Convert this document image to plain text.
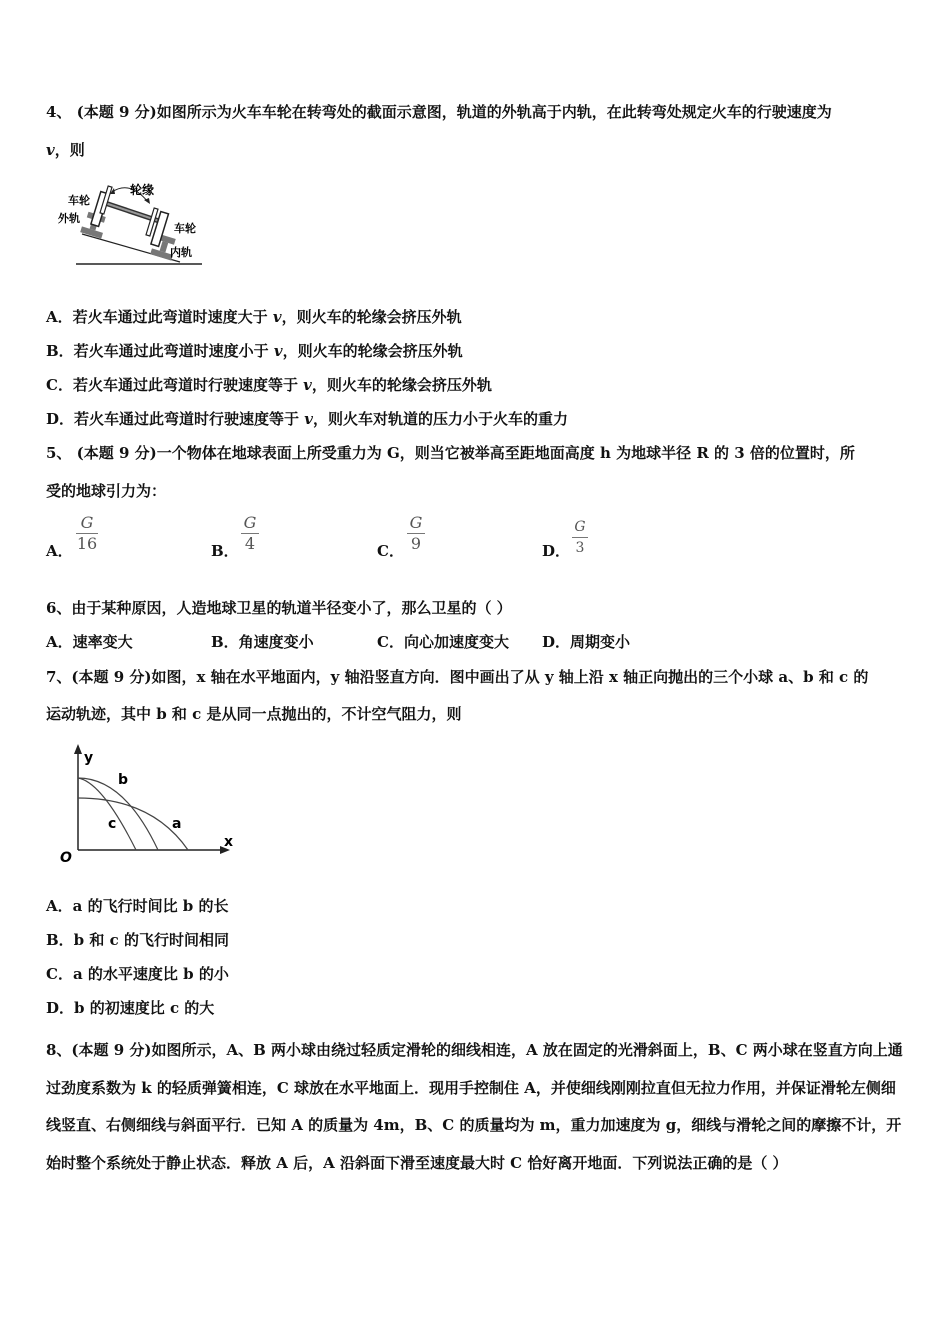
4、 (本题 9 分)如图所示为火车车轮在转弯处的截面示意图，轨道的外轨高于内轨，在此转弯处规定火车的行驶速度为
v，则
轮缘
车轮
外轨
车轮
内轨
A．若火车通过此弯道时速度大于 v，则火车的轮缘会挤压外轨
B．若火车通过此弯道时速度小于 v，则火车的轮缘会挤压外轨
C．若火车通过此弯道时行驶速度等于 v，则火车的轮缘会挤压外轨
D．若火车通过此弯道时行驶速度等于 v，则火车对轨道的压力小于火车的重力
5、 (本题 9 分)一个物体在地球表面上所受重力为 G，则当它被举高至距地面高度 h 为地球半径 R 的 3 倍的位置时，所
受的地球引力为：
A．
G
16	B．
G
4	C．
G
9	D．
G
3
6、由于某种原因，人造地球卫星的轨道半径变小了，那么卫星的（ ）
A．速率变大	B．角速度变小	C．向心加速度变大 D．周期变小
7、(本题 9 分)如图，x 轴在水平地面内，y 轴沿竖直方向．图中画出了从 y 轴上沿 x 轴正向抛出的三个小球 a、b 和 c 的
运动轨迹，其中 b 和 c 是从同一点抛出的，不计空气阻力，则
y
x
O
b
c	a
A．a 的飞行时间比 b 的长
B．b 和 c 的飞行时间相同
C．a 的水平速度比 b 的小
D．b 的初速度比 c 的大
8、(本题 9 分)如图所示，A、B 两小球由绕过轻质定滑轮的细线相连，A 放在固定的光滑斜面上，B、C 两小球在竖直方向上通过劲度系数为 k 的轻质弹簧相连，C 球放在水平地面上．现用手控制住 A，并使细线刚刚拉直但无拉力作用，并保证滑轮左侧细线竖直、右侧细线与斜面平行．已知 A 的质量为 4m，B、C 的质量均为 m，重力加速度为 g，细线与滑轮之间的摩擦不计，开始时整个系统处于静止状态．释放 A 后，A 沿斜面下滑至速度最大时 C 恰好离开地面．下列说法正确的是（ ）
